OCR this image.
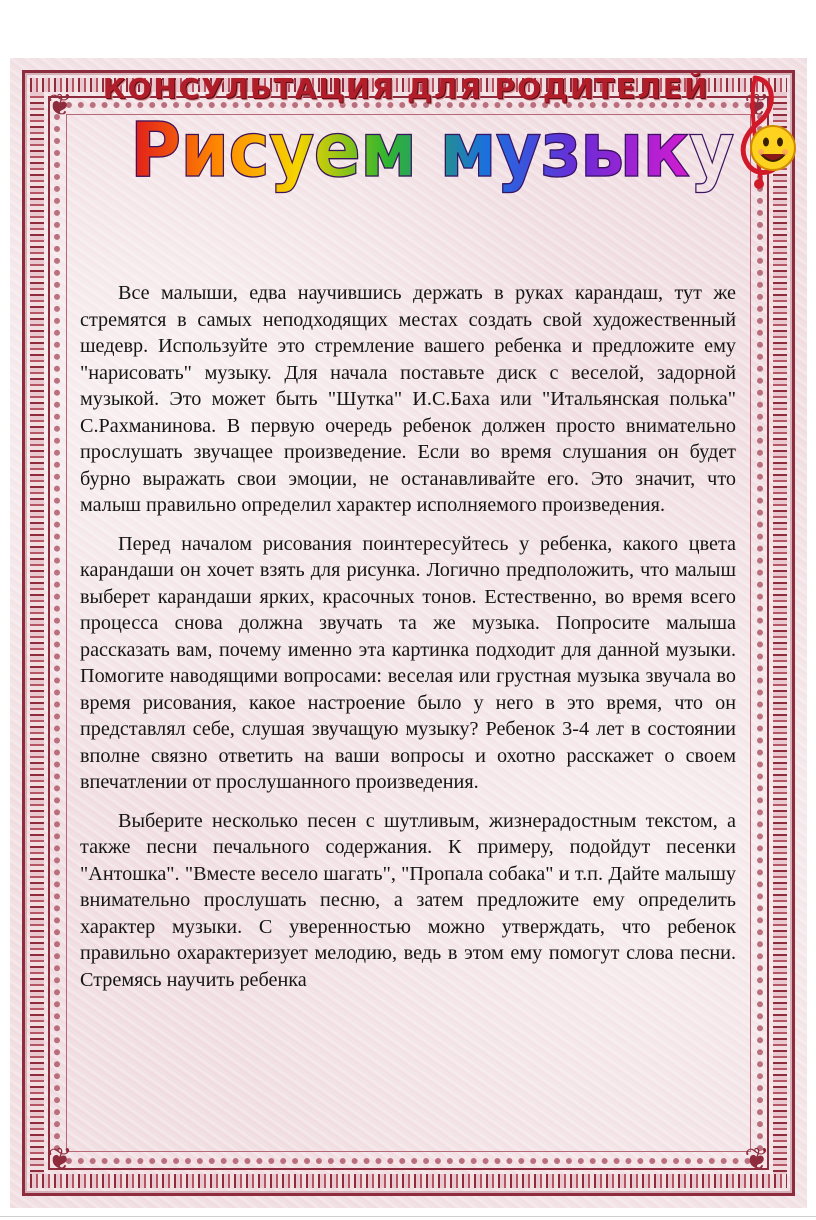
❦	❦
❦	❦
КОНСУЛЬТАЦИЯ ДЛЯ РОДИТЕЛЕЙ
Рисуем музыку

Все малыши, едва научившись держать в руках карандаш, тут же стремятся в самых неподходящих местах создать свой художественный шедевр. Используйте это стремление вашего ребенка и предложите ему "нарисовать" музыку. Для начала поставьте диск с веселой, задорной музыкой. Это может быть "Шутка" И.С.Баха или "Итальянская полька" С.Рахманинова. В первую очередь ребенок должен просто внимательно прослушать звучащее произведение. Если во время слушания он будет бурно выражать свои эмоции, не останавливайте его. Это значит, что малыш правильно определил характер исполняемого произведения.

Перед началом рисования поинтересуйтесь у ребенка, какого цвета карандаши он хочет взять для рисунка. Логично предположить, что малыш выберет карандаши ярких, красочных тонов. Естественно, во время всего процесса снова должна звучать та же музыка. Попросите малыша рассказать вам, почему именно эта картинка подходит для данной музыки. Помогите наводящими вопросами: веселая или грустная музыка звучала во время рисования, какое настроение было у него в это время, что он представлял себе, слушая звучащую музыку? Ребенок 3-4 лет в состоянии вполне связно ответить на ваши вопросы и охотно расскажет о своем впечатлении от прослушанного произведения.

Выберите несколько песен с шутливым, жизнерадостным текстом, а также песни печального содержания. К примеру, подойдут песенки "Антошка". "Вместе весело шагать", "Пропала собака" и т.п. Дайте малышу внимательно прослушать песню, а затем предложите ему определить характер музыки. С уверенностью можно утверждать, что ребенок правильно охарактеризует мелодию, ведь в этом ему помогут слова песни. Стремясь научить ребенка
